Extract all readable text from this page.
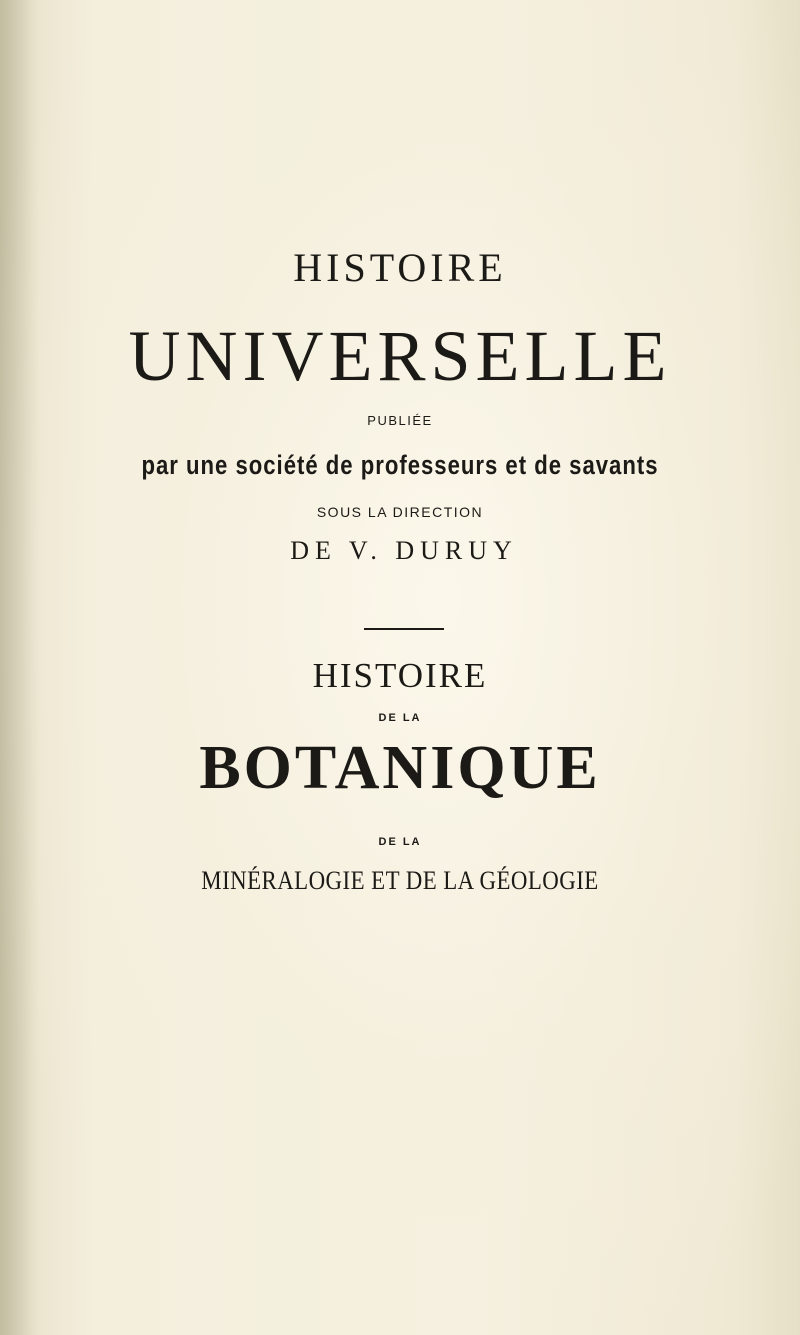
HISTOIRE
UNIVERSELLE
PUBLIÉE
par une société de professeurs et de savants
SOUS LA DIRECTION
DE V. DURUY
HISTOIRE
DE LA
BOTANIQUE
DE LA
MINÉRALOGIE ET DE LA GÉOLOGIE
